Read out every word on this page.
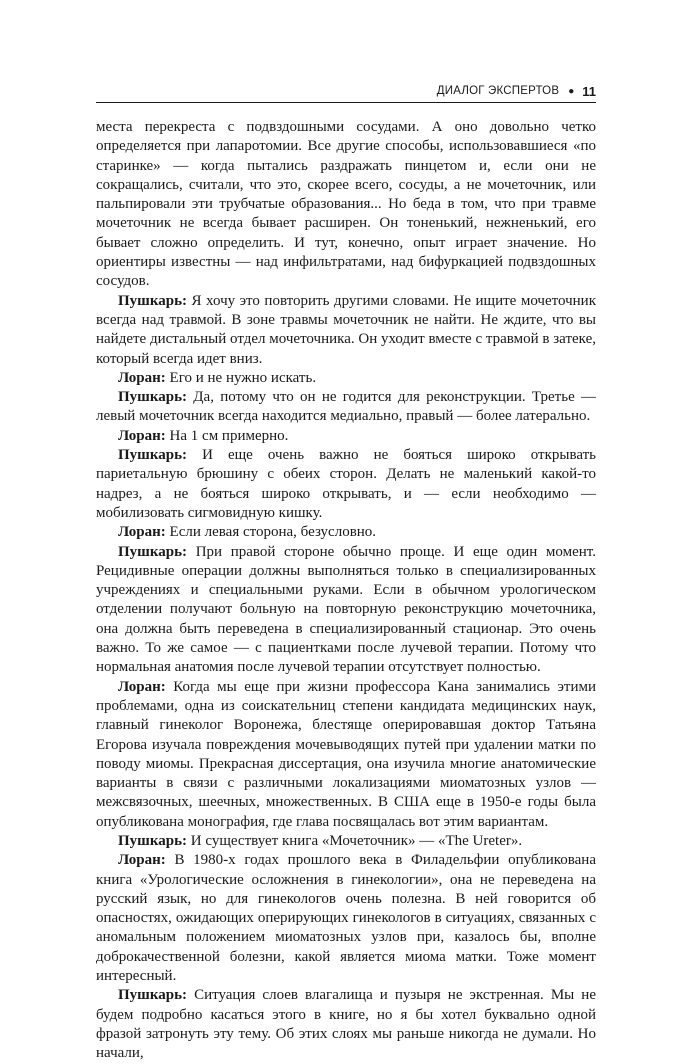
ДИАЛОГ ЭКСПЕРТОВ ● 11

места перекреста с подвздошными сосудами. А оно довольно четко определяется при лапаротомии. Все другие способы, использовавшиеся «по старинке» — когда пытались раздражать пинцетом и, если они не сокращались, считали, что это, скорее всего, сосуды, а не мочеточник, или пальпировали эти трубчатые образования... Но беда в том, что при травме мочеточник не всегда бывает расширен. Он тоненький, нежненький, его бывает сложно определить. И тут, конечно, опыт играет значение. Но ориентиры известны — над инфильтратами, над бифуркацией подвздошных сосудов.

Пушкарь: Я хочу это повторить другими словами. Не ищите мочеточник всегда над травмой. В зоне травмы мочеточник не найти. Не ждите, что вы найдете дистальный отдел мочеточника. Он уходит вместе с травмой в затеке, который всегда идет вниз.

Лоран: Его и не нужно искать.

Пушкарь: Да, потому что он не годится для реконструкции. Третье — левый мочеточник всегда находится медиально, правый — более латерально.

Лоран: На 1 см примерно.

Пушкарь: И еще очень важно не бояться широко открывать париетальную брюшину с обеих сторон. Делать не маленький какой-то надрез, а не бояться широко открывать, и — если необходимо — мобилизовать сигмовидную кишку.

Лоран: Если левая сторона, безусловно.

Пушкарь: При правой стороне обычно проще. И еще один момент. Рецидивные операции должны выполняться только в специализированных учреждениях и специальными руками. Если в обычном урологическом отделении получают больную на повторную реконструкцию мочеточника, она должна быть переведена в специализированный стационар. Это очень важно. То же самое — с пациентками после лучевой терапии. Потому что нормальная анатомия после лучевой терапии отсутствует полностью.

Лоран: Когда мы еще при жизни профессора Кана занимались этими проблемами, одна из соискательниц степени кандидата медицинских наук, главный гинеколог Воронежа, блестяще оперировавшая доктор Татьяна Егорова изучала повреждения мочевыводящих путей при удалении матки по поводу миомы. Прекрасная диссертация, она изучила многие анатомические варианты в связи с различными локализациями миоматозных узлов — межсвязочных, шеечных, множественных. В США еще в 1950-е годы была опубликована монография, где глава посвящалась вот этим вариантам.

Пушкарь: И существует книга «Мочеточник» — «The Ureter».

Лоран: В 1980-х годах прошлого века в Филадельфии опубликована книга «Урологические осложнения в гинекологии», она не переведена на русский язык, но для гинекологов очень полезна. В ней говорится об опасностях, ожидающих оперирующих гинекологов в ситуациях, связанных с аномальным положением миоматозных узлов при, казалось бы, вполне доброкачественной болезни, какой является миома матки. Тоже момент интересный.

Пушкарь: Ситуация слоев влагалища и пузыря не экстренная. Мы не будем подробно касаться этого в книге, но я бы хотел буквально одной фразой затронуть эту тему. Об этих слоях мы раньше никогда не думали. Но начали,
